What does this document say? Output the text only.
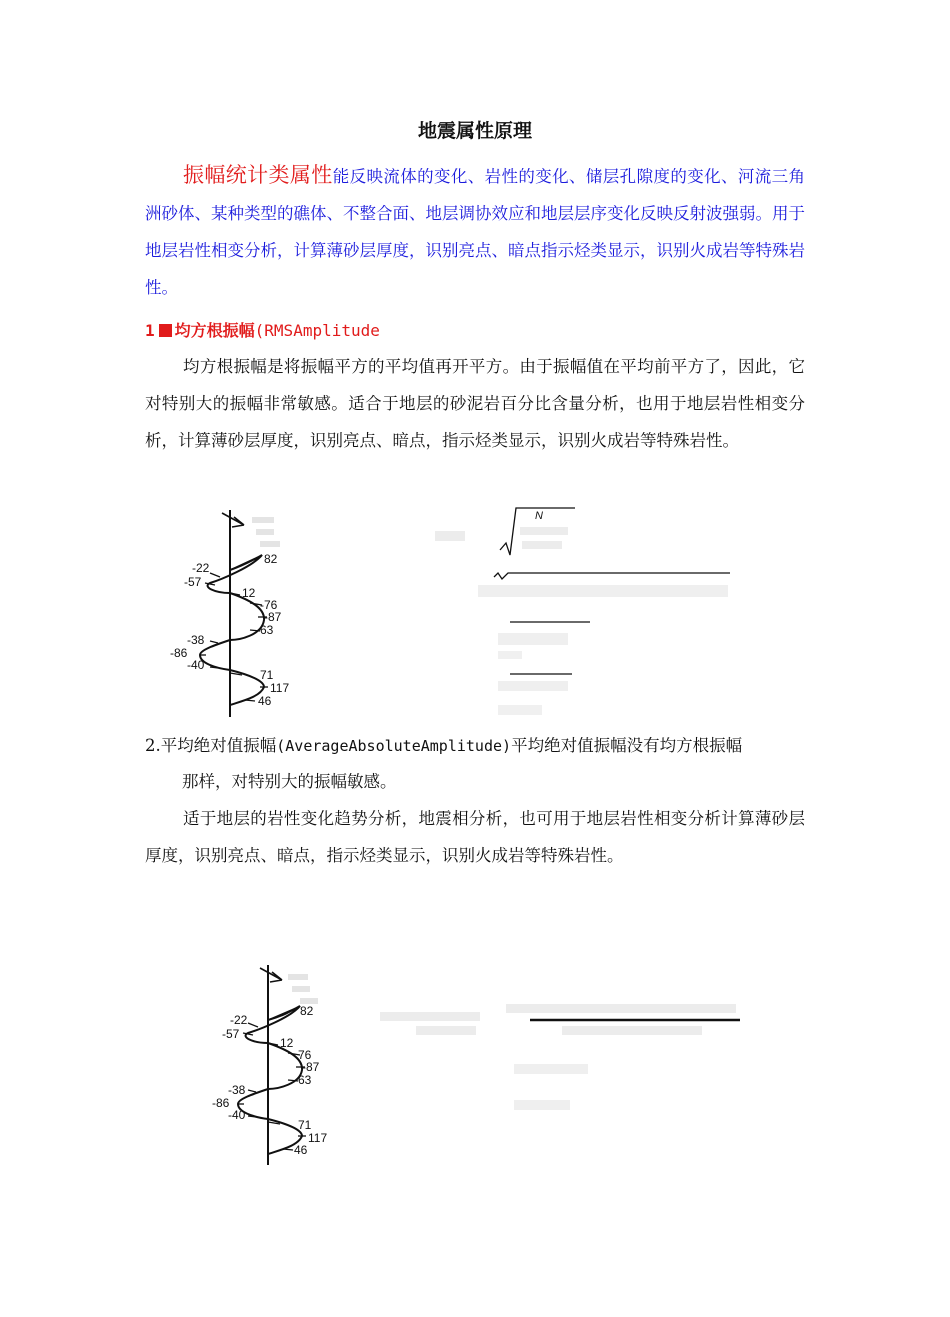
地震属性原理

振幅统计类属性能反映流体的变化、岩性的变化、储层孔隙度的变化、河流三角洲砂体、某种类型的礁体、不整合面、地层调协效应和地层层序变化反映反射波强弱。用于地层岩性相变分析，计算薄砂层厚度，识别亮点、暗点指示烃类显示，识别火成岩等特殊岩性。

1 均方根振幅(RMSAmplitude

均方根振幅是将振幅平方的平均值再开平方。由于振幅值在平均前平方了，因此，它对特别大的振幅非常敏感。适合于地层的砂泥岩百分比含量分析，也用于地层岩性相变分析，计算薄砂层厚度，识别亮点、暗点，指示烃类显示，识别火成岩等特殊岩性。

82
-22
-57
12
-76
-87
63
-38
-86
-40
71
117
46
N
2.平均绝对值振幅(AverageAbsoluteAmplitude)平均绝对值振幅没有均方根振幅
那样，对特别大的振幅敏感。

适于地层的岩性变化趋势分析，地震相分析，也可用于地层岩性相变分析计算薄砂层厚度，识别亮点、暗点，指示烃类显示，识别火成岩等特殊岩性。

82
-22
-57
12
76
-87
63
-38
-86
-40
71
117
46
